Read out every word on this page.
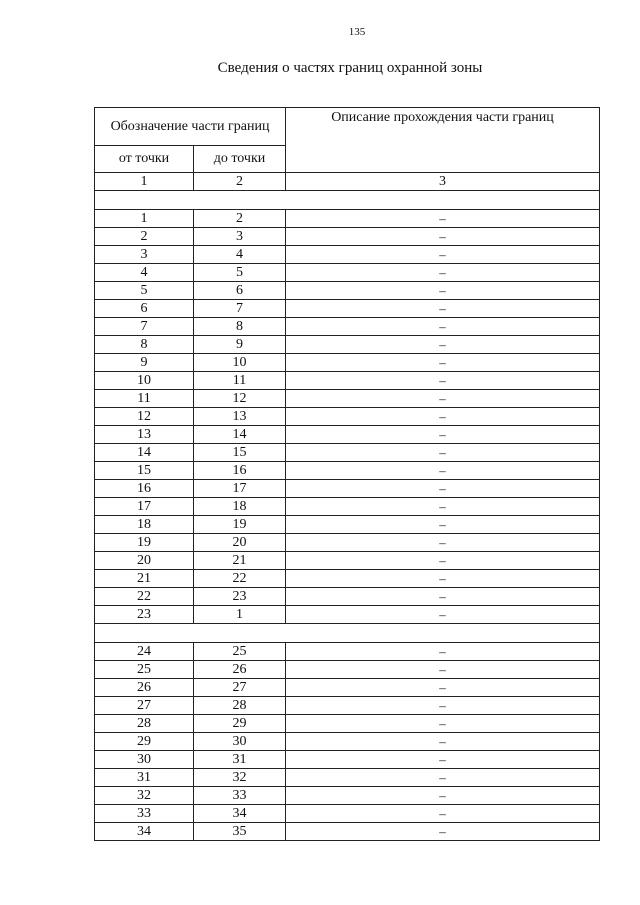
135
Сведения о частях границ охранной зоны
Обозначение части границ		Описание прохождения части границ
от точки	до точки	
1	2	3

1	2	–
2	3	–
3	4	–
4	5	–
5	6	–
6	7	–
7	8	–
8	9	–
9	10	–
10	11	–
11	12	–
12	13	–
13	14	–
14	15	–
15	16	–
16	17	–
17	18	–
18	19	–
19	20	–
20	21	–
21	22	–
22	23	–
23	1	–

24	25	–
25	26	–
26	27	–
27	28	–
28	29	–
29	30	–
30	31	–
31	32	–
32	33	–
33	34	–
34	35	–
